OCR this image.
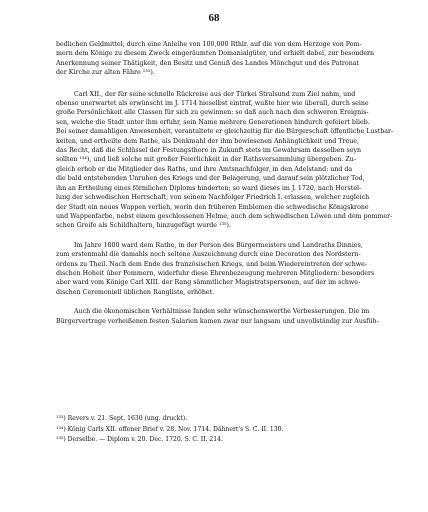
68

bedlichen Geldmittel, durch eine Anleihe von 100,000 Rthlr. auf die von dem Herzoge von Pom-
mern dem Könige zu diesem Zweck eingeräumten Domanialgüter, und erhielt dabei, zur besondern
Anerkennung seiner Thätigkeit, den Besitz und Genuß des Landes Mönchgut und des Patronat
der Kirche zur alten Fähre ¹³³).

Carl XII., der für seine schnelle Rückreise aus der Türkei Stralsund zum Ziel nahm, und
ebenso unerwartet als erwünscht im J. 1714 hieselbst eintraf, wußte hier wie überall, durch seine
große Persönlichkeit alle Classen für sich zu gewinnen: so daß auch nach den schweren Ereignis-
sen, welche die Stadt unter ihm erfuhr, sein Name mehrere Generationen hindurch gefeiert blieb.
Bei seiner damahligen Anwesenheit, verantaltete er gleichzeitig für die Bürgerschaft öffentliche Lustbar-
keiten, und ertheilte dem Rathe, als Denkmahl der ihm bewiesenen Anhänglichkeit und Treue,
das Recht, daß die Schlüssel der Festungsthore in Zukunft stets im Gewahrsam desselben seyn
sollten ¹³⁴), und ließ solche mit großer Feierlichkeit in der Rathsversammlung übergeben. Zu-
gleich erhob er die Mitglieder des Raths, und ihre Amtsnachfolger, in den Adelstand: und da
die bald entstehenden Unruhen des Kriegs und der Belagerung, und darauf sein plötzlicher Tod,
ihn an Ertheilung eines förmlichen Diploms hinderten; so ward dieses im J. 1720, nach Herstel-
lung der schwedischen Herrschaft, von seinem Nachfolger Friedrich I. erlassen, welcher zugleich
der Stadt ein neues Wappen verlieh, worin den früheren Emblemen die schwedische Königskrone
und Wappenfarbe, nebst einem geschlossenen Helme, auch dem schwedischen Löwen und dem pommer-
schen Greife als Schildhaltern, hinzugefügt wurde ¹³⁵).

Im Jahre 1800 ward dem Rathe, in der Person des Bürgermeisters und Landraths Dinnies,
zum erstenmahl die damahls noch seltene Auszeichnung durch eine Decoration des Nordstern-
ordens zu Theil. Nach dem Ende des französischen Kriegs, und beim Wiedereintreten der schwe-
dischen Hoheit über Pommern, widerfuhr diese Ehrenbezeugung mehreren Mitgliedern: besonders
aber ward vom Könige Carl XIII. der Rang sämmtlicher Magistratspersonen, auf der im schwe-
dischen Ceremoniell üblichen Rangliste, erhöhet.

Auch die ökonomischen Verhältnisse fanden sehr wünschenswerthe Verbesserungen. Die im
Bürgervertrage verheißenen festen Salarien kamen zwar nur langsam und unvollständig zur Ausfüh-

¹³³) Revers v. 21. Sept. 1630 (ung. druckt).
¹³⁴) König Carls XII. offener Brief v. 28. Nov. 1714. Dähnert's S. C. II. 130.
¹³⁵) Derselbe. — Diplom v. 20. Dec. 1720. S. C. II. 214.
